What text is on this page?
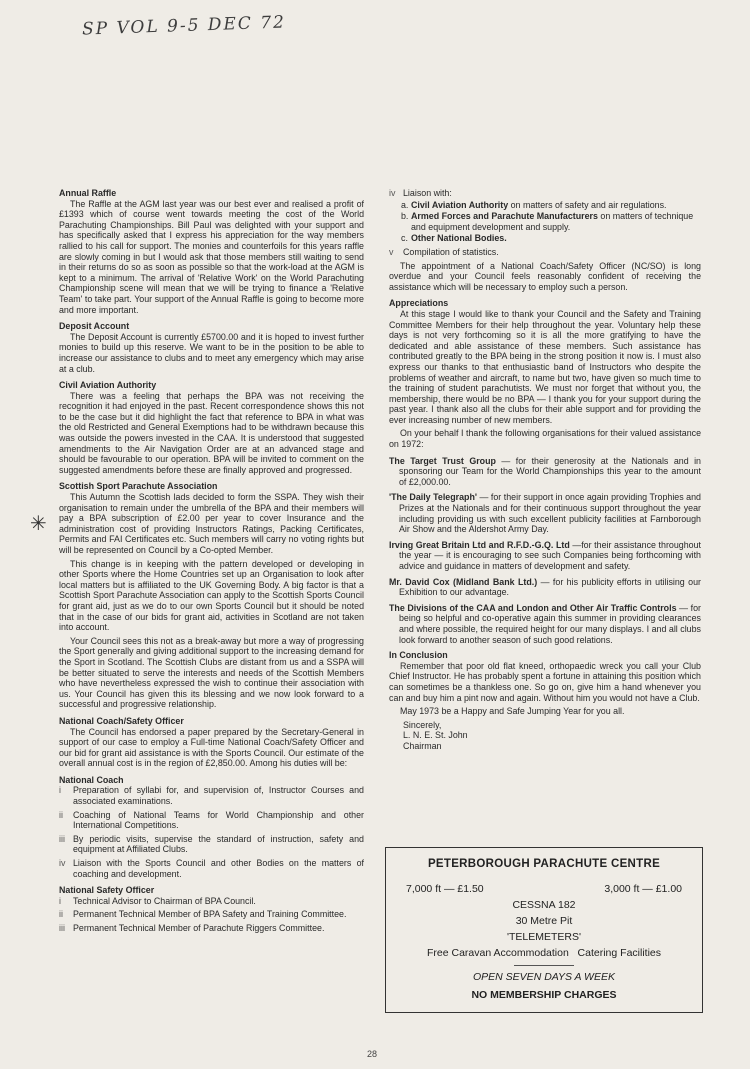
SP VOL 9-5 DEC 72
✳
Annual Raffle

The Raffle at the AGM last year was our best ever and realised a profit of £1393 which of course went towards meeting the cost of the World Parachuting Championships. Bill Paul was delighted with your support and has specifically asked that I express his appreciation for the way members rallied to his call for support. The monies and counterfoils for this years raffle are slowly coming in but I would ask that those members still waiting to send in their returns do so as soon as possible so that the work-load at the AGM is kept to a minimum. The arrival of 'Relative Work' on the World Parachuting Championship scene will mean that we will be trying to finance a 'Relative Team' to take part. Your support of the Annual Raffle is going to become more and more important.

Deposit Account

The Deposit Account is currently £5700.00 and it is hoped to invest further monies to build up this reserve. We want to be in the position to be able to increase our assistance to clubs and to meet any emergency which may arise at a club.

Civil Aviation Authority

There was a feeling that perhaps the BPA was not receiving the recognition it had enjoyed in the past. Recent correspondence shows this not to be the case but it did highlight the fact that reference to BPA in what was the old Restricted and General Exemptions had to be withdrawn because this was outside the powers invested in the CAA. It is understood that suggested amendments to the Air Navigation Order are at an advanced stage and should be favourable to our operation. BPA will be invited to comment on the suggested amendments before these are finally approved and progressed.

Scottish Sport Parachute Association

This Autumn the Scottish lads decided to form the SSPA. They wish their organisation to remain under the umbrella of the BPA and their members will pay a BPA subscription of £2.00 per year to cover Insurance and the administration cost of providing Instructors Ratings, Packing Certificates, Permits and FAI Certificates etc. Such members will carry no voting rights but will be represented on Council by a Co-opted Member.

This change is in keeping with the pattern developed or developing in other Sports where the Home Countries set up an Organisation to look after local matters but is affiliated to the UK Governing Body. A big factor is that a Scottish Sport Parachute Association can apply to the Scottish Sports Council for grant aid, just as we do to our own Sports Council but it should be noted that in the case of our bids for grant aid, activities in Scotland are not taken into account.

Your Council sees this not as a break-away but more a way of progressing the Sport generally and giving additional support to the increasing demand for the Sport in Scotland. The Scottish Clubs are distant from us and a SSPA will be better situated to serve the interests and needs of the Scottish Members who have nevertheless expressed the wish to continue their association with us. Your Council has given this its blessing and we now look forward to a successful and progressive relationship.

National Coach/Safety Officer

The Council has endorsed a paper prepared by the Secretary-General in support of our case to employ a Full-time National Coach/Safety Officer and our bid for grant aid assistance is with the Sports Council. Our estimate of the overall annual cost is in the region of £2,850.00. Among his duties will be:

National Coach
i	Preparation of syllabi for, and supervision of, Instructor Courses and associated examinations.
ii	Coaching of National Teams for World Championship and other International Competitions.
iii By periodic visits, supervise the standard of instruction, safety and equipment at Affiliated Clubs.
iv Liaison with the Sports Council and other Bodies on the matters of coaching and development.
National Safety Officer
i	Technical Advisor to Chairman of BPA Council.
ii	Permanent Technical Member of BPA Safety and Training Committee.
iii Permanent Technical Member of Parachute Riggers Committee.
iv Liaison with:
a. Civil Aviation Authority on matters of safety and air regulations.
b. Armed Forces and Parachute Manufacturers on matters of technique and equipment development and supply.
c. Other National Bodies.
v	Compilation of statistics.

The appointment of a National Coach/Safety Officer (NC/SO) is long overdue and your Council feels reasonably confident of receiving the assistance which will be necessary to employ such a person.

Appreciations

At this stage I would like to thank your Council and the Safety and Training Committee Members for their help throughout the year. Voluntary help these days is not very forthcoming so it is all the more gratifying to have the dedicated and able assistance of these members. Such assistance has contributed greatly to the BPA being in the strong position it now is. I must also express our thanks to that enthusiastic band of Instructors who despite the problems of weather and aircraft, to name but two, have given so much time to the training of student parachutists. We must nor forget that without you, the membership, there would be no BPA — I thank you for your support during the past year. I thank also all the clubs for their able support and for providing the ever increasing number of new members.

On your behalf I thank the following organisations for their valued assistance on 1972:

The Target Trust Group — for their generosity at the Nationals and in sponsoring our Team for the World Championships this year to the amount of £2,000.00.
'The Daily Telegraph' — for their support in once again providing Trophies and Prizes at the Nationals and for their continuous support throughout the year including providing us with such excellent publicity facilities at Farnborough Air Show and the Aldershot Army Day.
Irving Great Britain Ltd and R.F.D.-G.Q. Ltd —for their assistance throughout the year — it is encouraging to see such Companies being forthcoming with advice and guidance in matters of development and safety.
Mr. David Cox (Midland Bank Ltd.) — for his publicity efforts in utilising our Exhibition to our advantage.
The Divisions of the CAA and London and Other Air Traffic Controls — for being so helpful and co-operative again this summer in providing clearances and where possible, the required height for our many displays. I and all clubs look forward to another season of such good relations.
In Conclusion

Remember that poor old flat kneed, orthopaedic wreck you call your Club Chief Instructor. He has probably spent a fortune in attaining this position which can sometimes be a thankless one. So go on, give him a hand whenever you can and buy him a pint now and again. Without him you would not have a Club.

May 1973 be a Happy and Safe Jumping Year for you all.

Sincerely,
L. N. E. St. John
Chairman
PETERBOROUGH PARACHUTE CENTRE
7,000 ft — £1.50	3,000 ft — £1.00
CESSNA 182
30 Metre Pit
'TELEMETERS'
Free Caravan Accommodation   Catering Facilities
OPEN SEVEN DAYS A WEEK
NO MEMBERSHIP CHARGES
28
